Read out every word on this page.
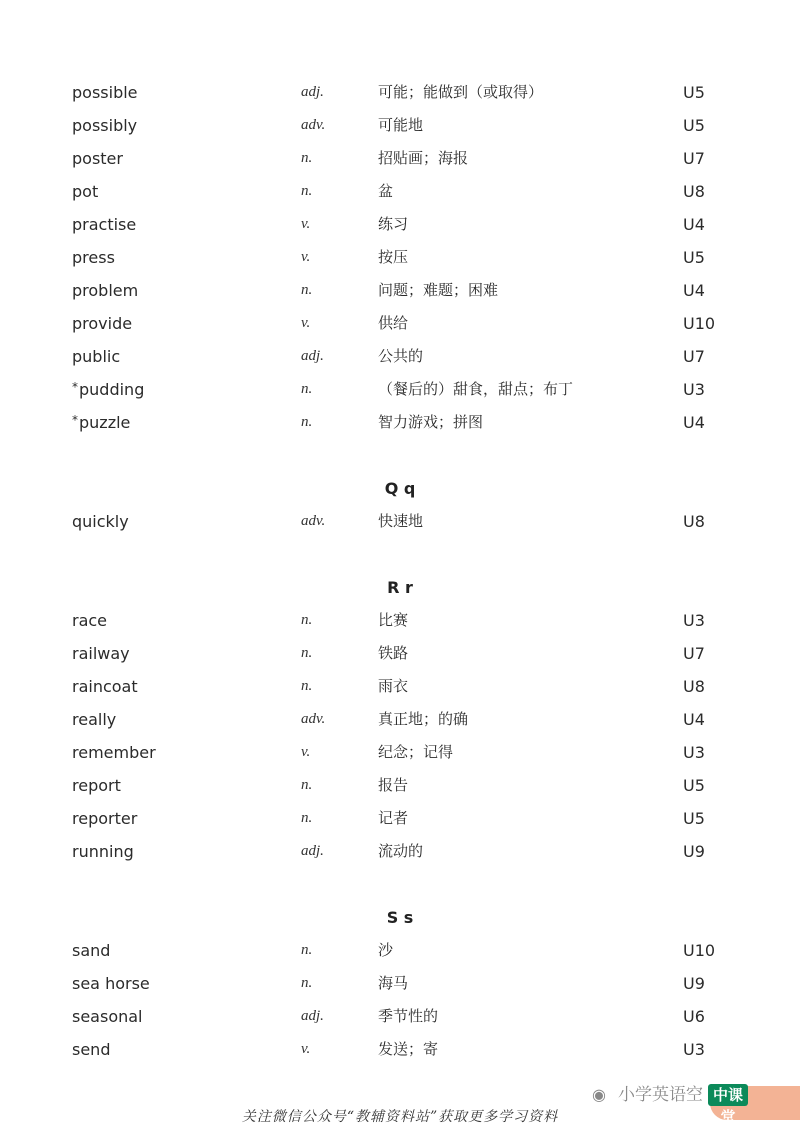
possible	adj.	可能；能做到（或取得）	U5
possibly	adv.	可能地	U5
poster	n.	招贴画；海报	U7
pot	n.	盆	U8
practise	v.	练习	U4
press	v.	按压	U5
problem	n.	问题；难题；困难	U4
provide	v.	供给	U10
public	adj.	公共的	U7
*pudding	n.	（餐后的）甜食，甜点；布丁	U3
*puzzle	n.	智力游戏；拼图	U4
Q q
quickly	adv.	快速地	U8
R r
race	n.	比赛	U3
railway	n.	铁路	U7
raincoat	n.	雨衣	U8
really	adv.	真正地；的确	U4
remember	v.	纪念；记得	U3
report	n.	报告	U5
reporter	n.	记者	U5
running	adj.	流动的	U9
S s
sand	n.	沙	U10
sea horse	n.	海马	U9
seasonal	adj.	季节性的	U6
send	v.	发送；寄	U3
◉ 小学英语空 中课堂
关注微信公众号“教辅资料站”获取更多学习资料
